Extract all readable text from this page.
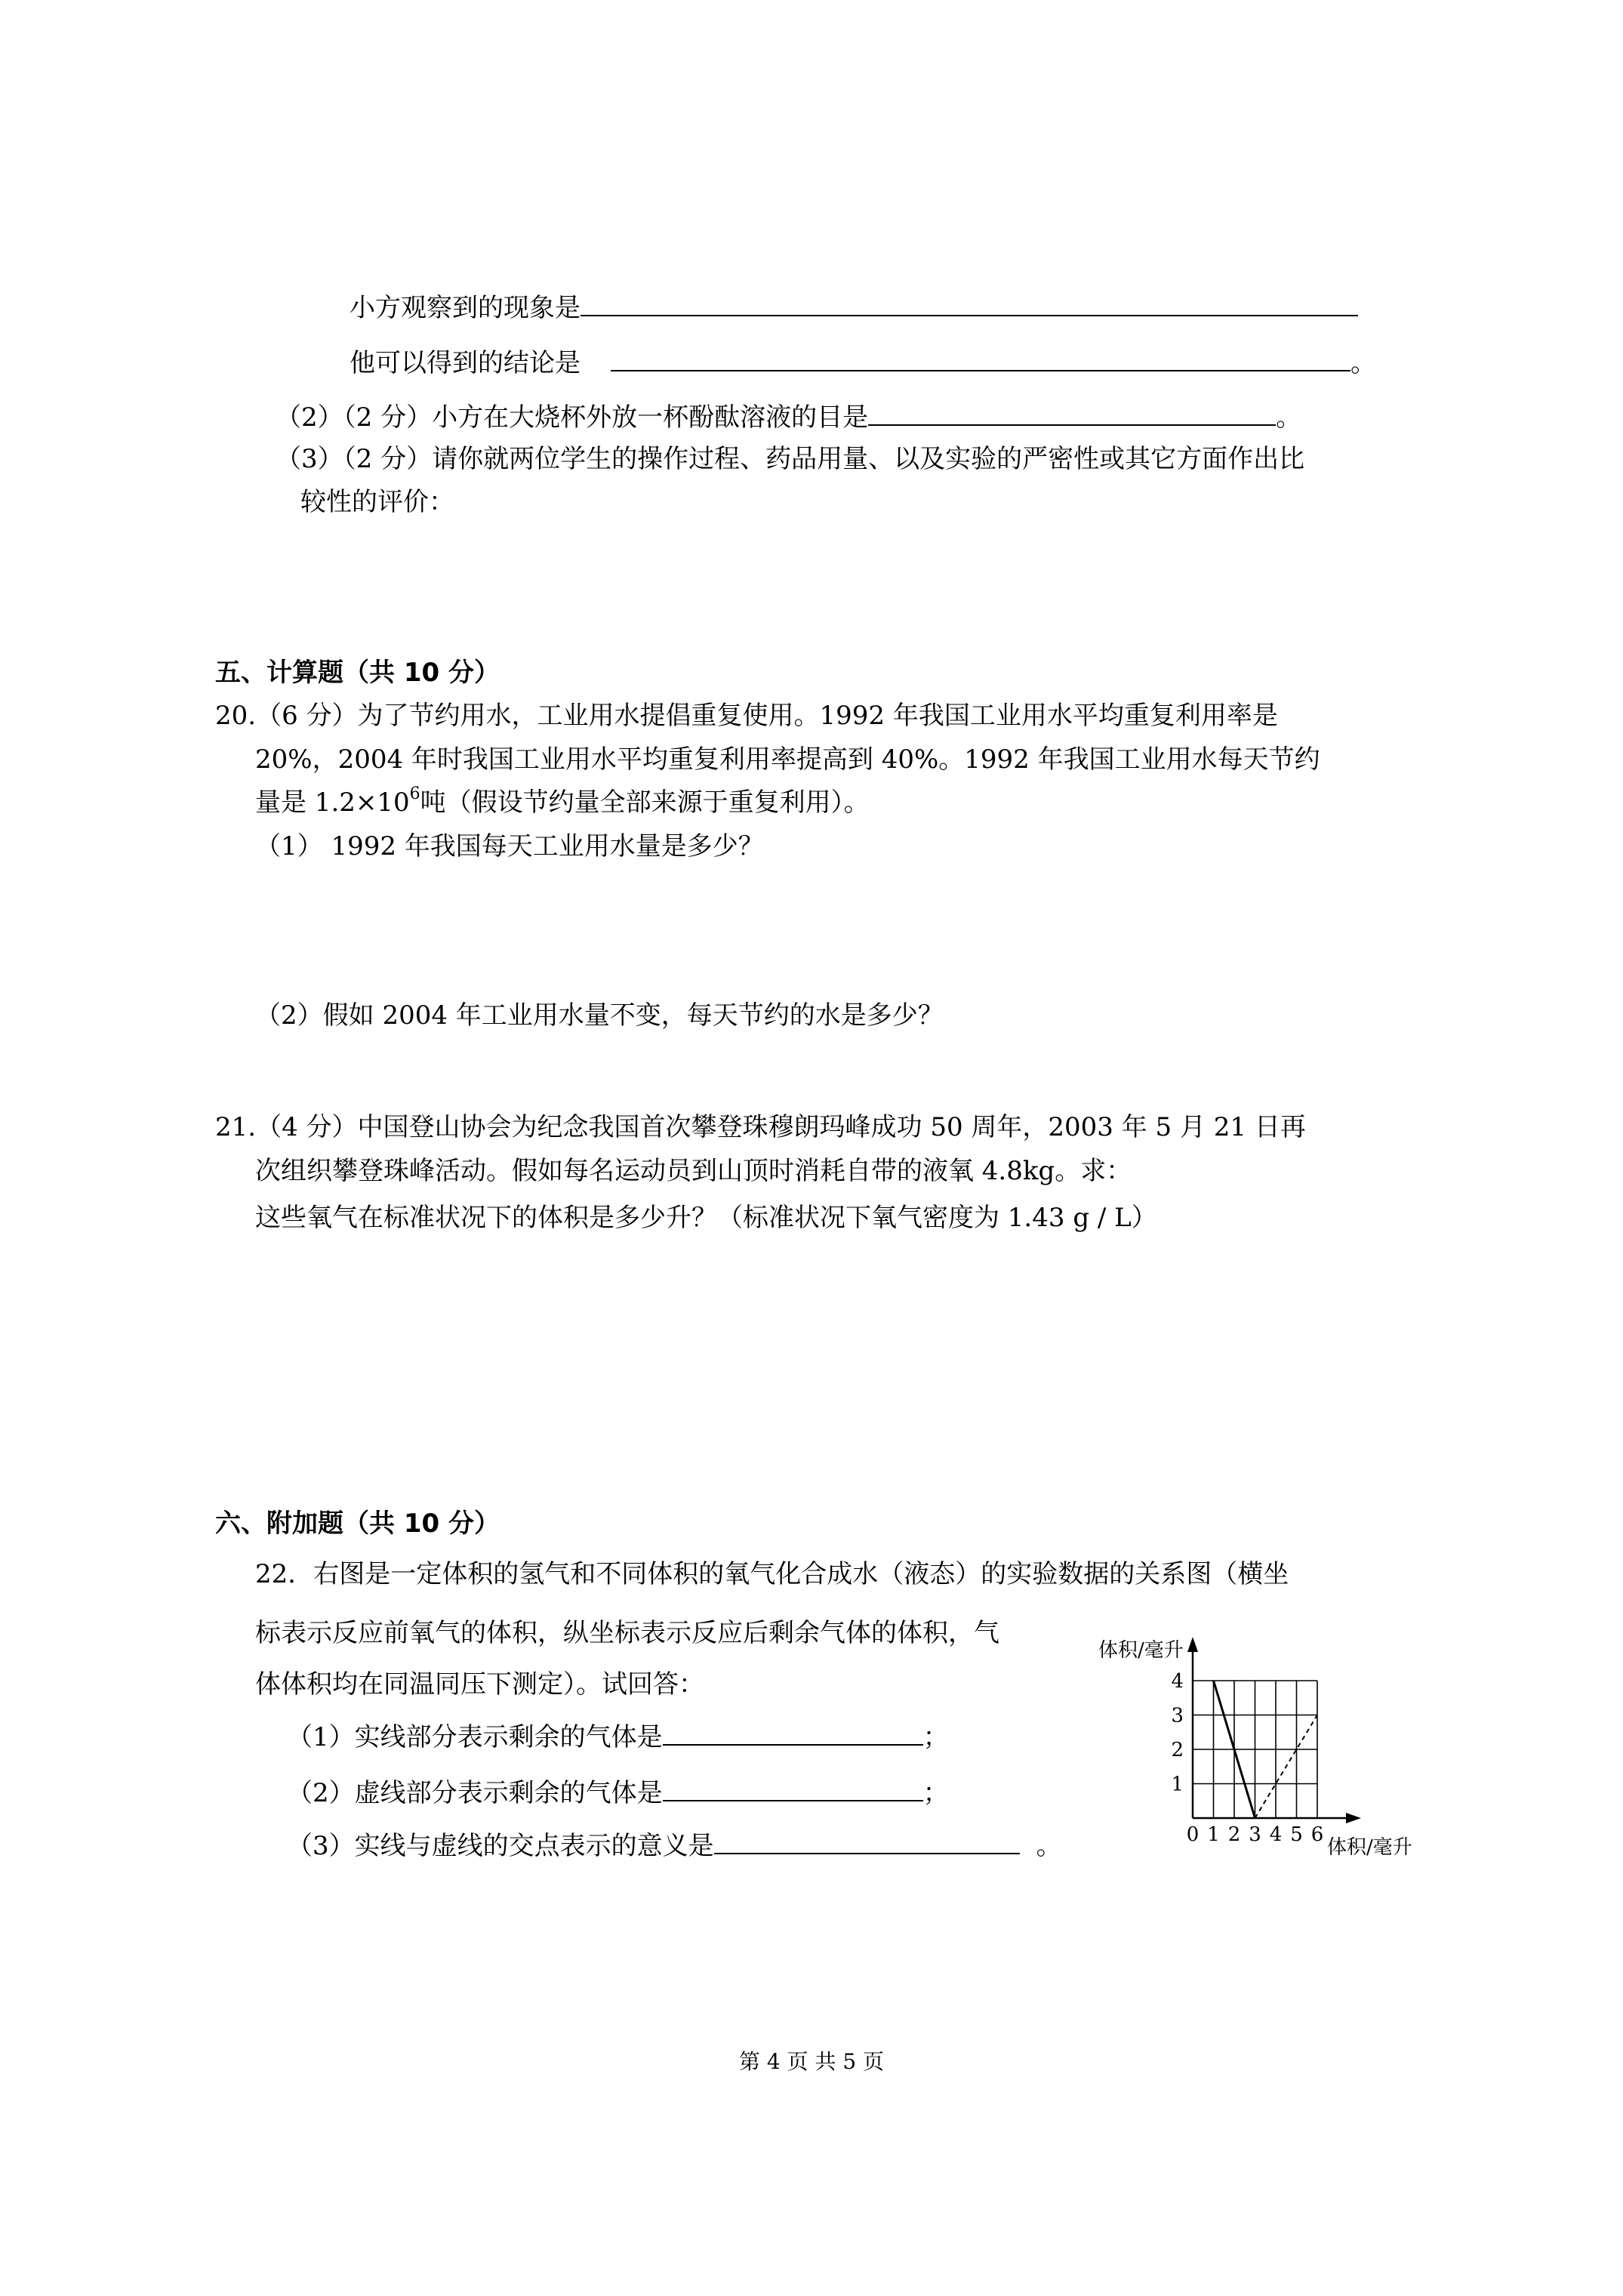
小方观察到的现象是
他可以得到的结论是	。
（2）（2 分）小方在大烧杯外放一杯酚酞溶液的目是	。
（3）（2 分）请你就两位学生的操作过程、药品用量、以及实验的严密性或其它方面作出比
较性的评价：
五、计算题（共 10 分）
20.（6 分）为了节约用水，工业用水提倡重复使用。1992 年我国工业用水平均重复利用率是
20%，2004 年时我国工业用水平均重复利用率提高到 40%。1992 年我国工业用水每天节约
量是 $1.2\times 10^6$吨（假设节约量全部来源于重复利用）。
（1） 1992 年我国每天工业用水量是多少？
（2）假如 2004 年工业用水量不变，每天节约的水是多少？
21.（4 分）中国登山协会为纪念我国首次攀登珠穆朗玛峰成功 50 周年，2003 年 5 月 21 日再
次组织攀登珠峰活动。假如每名运动员到山顶时消耗自带的液氧 4.8kg。求：
这些氧气在标准状况下的体积是多少升？（标准状况下氧气密度为 1.43 g / L）
六、附加题（共 10 分）
22．右图是一定体积的氢气和不同体积的氧气化合成水（液态）的实验数据的关系图（横坐
标表示反应前氧气的体积，纵坐标表示反应后剩余气体的体积，气
体体积均在同温同压下测定）。试回答：
（1）实线部分表示剩余的气体是	；
（2）虚线部分表示剩余的气体是	；
（3）实线与虚线的交点表示的意义是	。	0 1 2 3 4 5 6
1
2
3
4
体积/毫升
体积/毫升
第 4 页 共 5 页
